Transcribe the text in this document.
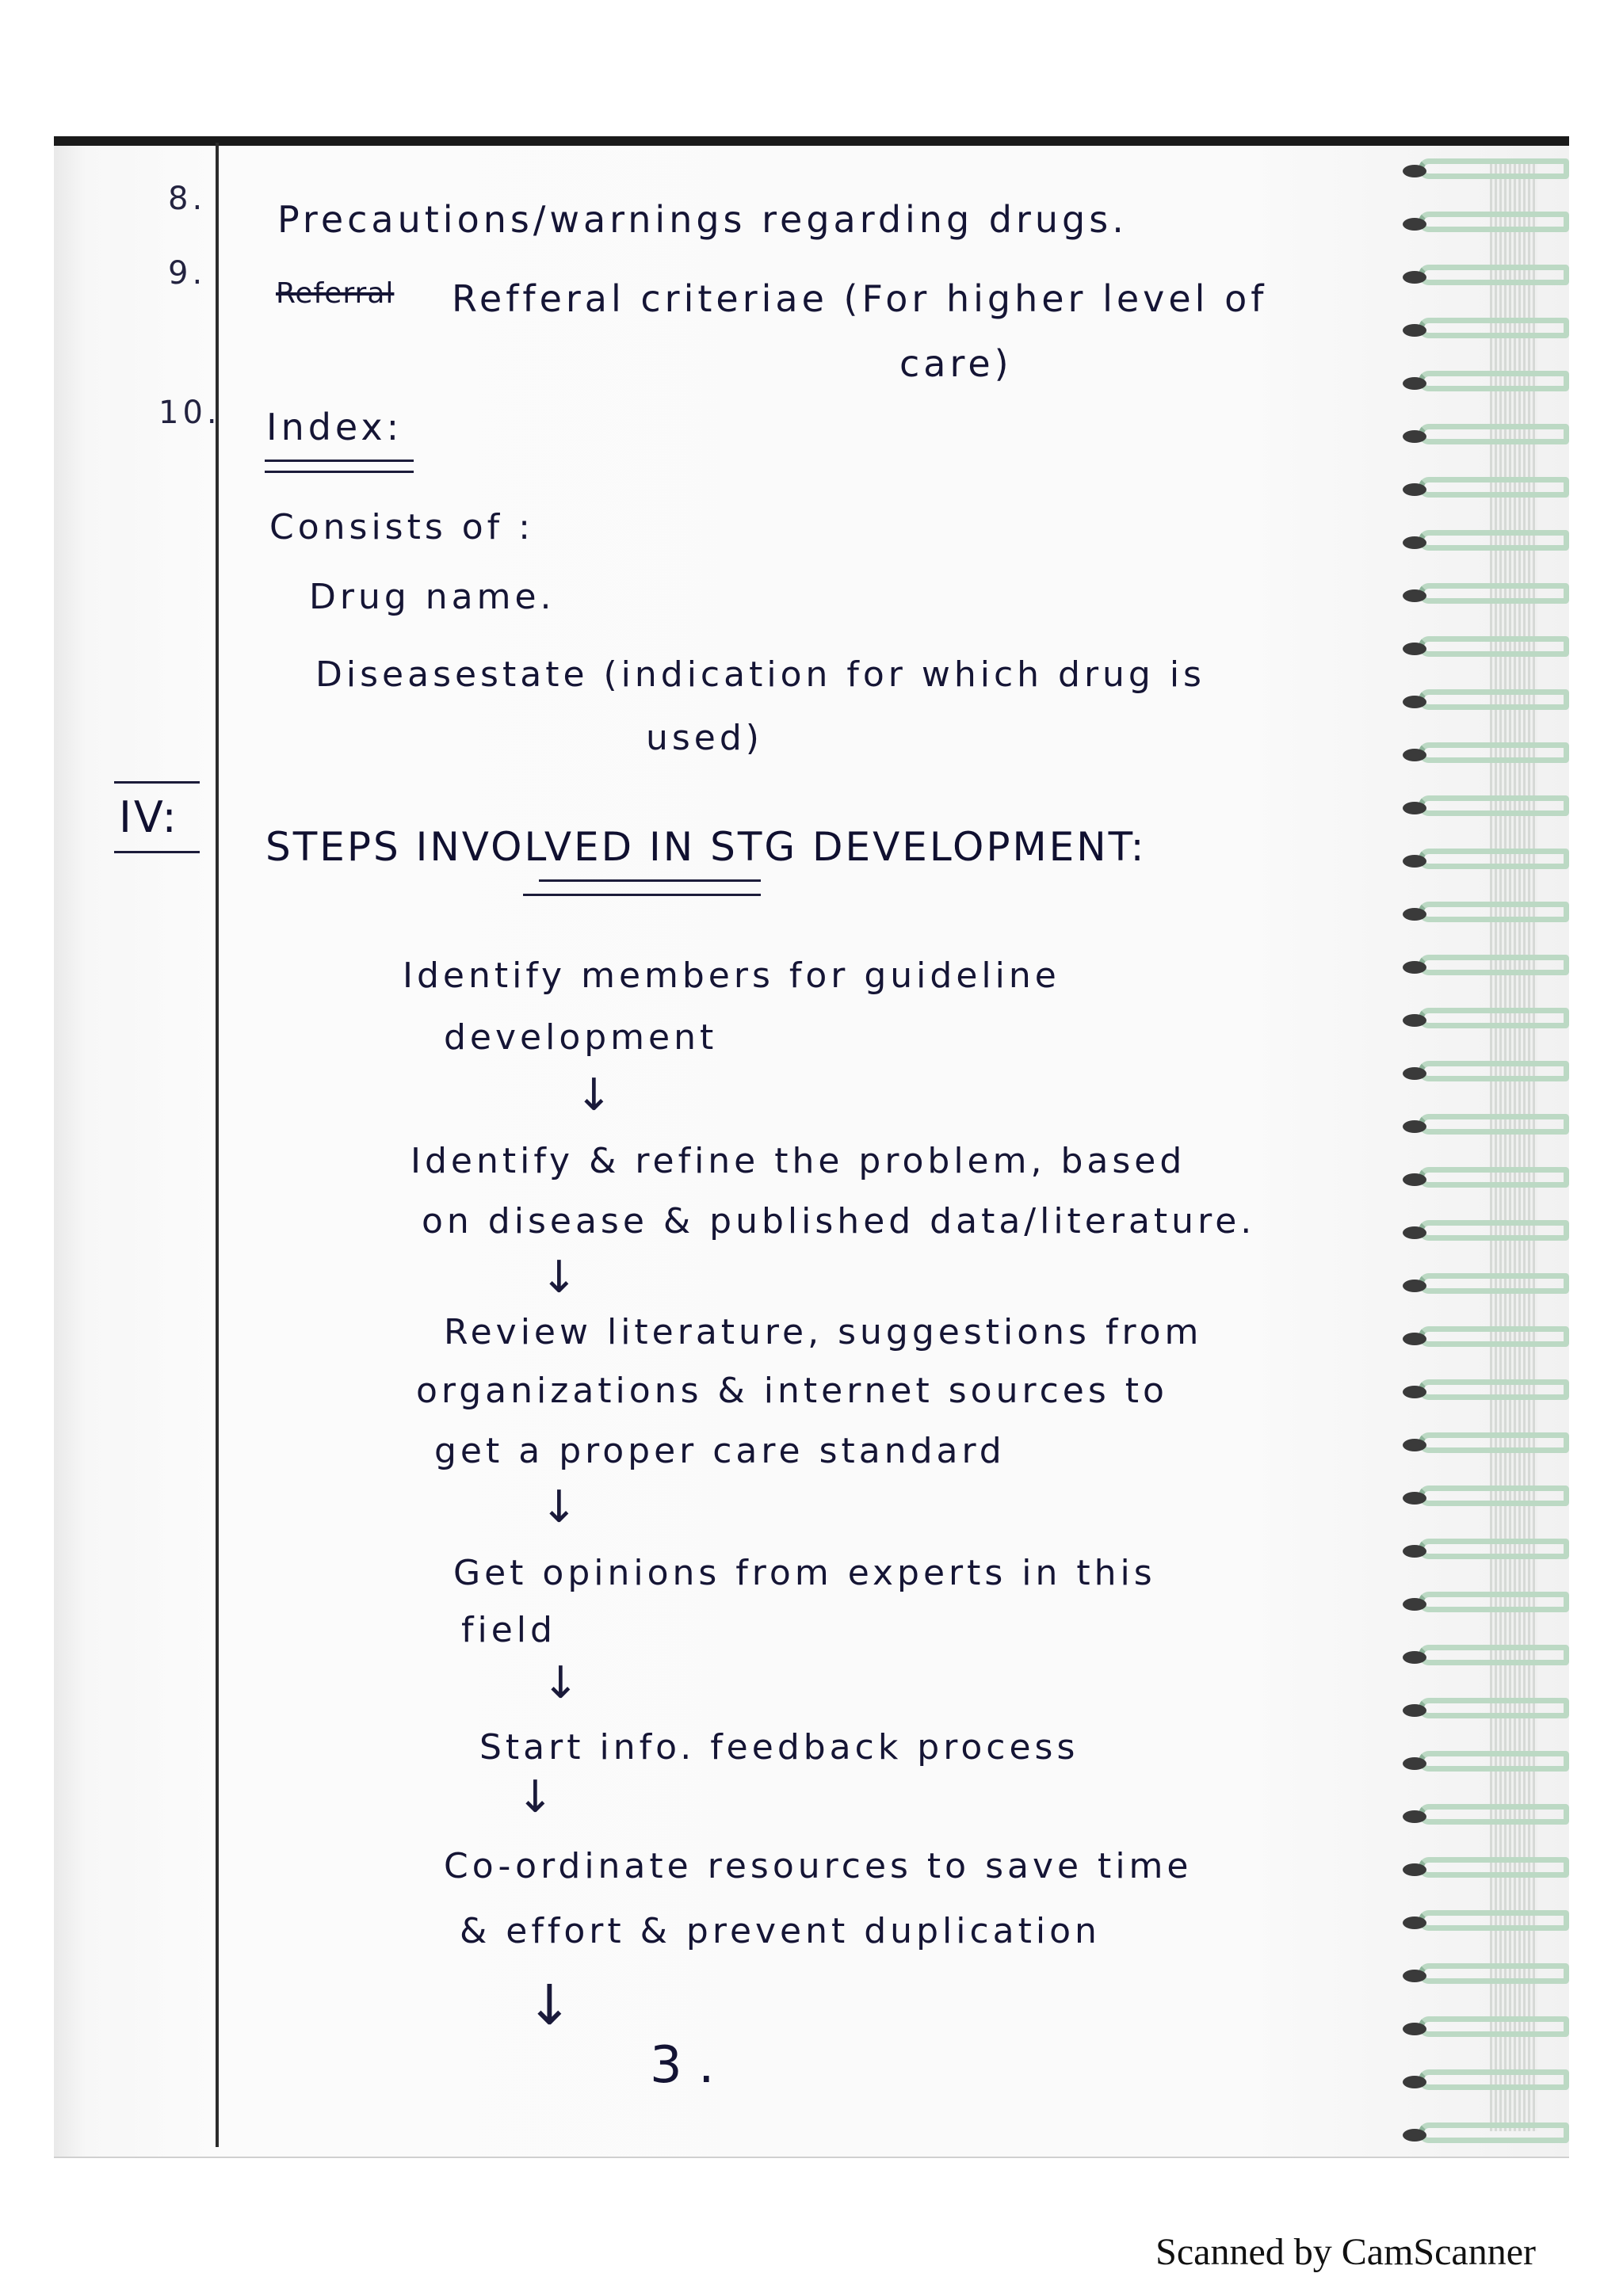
8. Precautions/warnings regarding drugs.
9.
Referral Refferal criteriae (For higher level of
care)
10. Index:
Consists of :
Drug name.
Diseasestate (indication for which drug is
used)
IV:
STEPS INVOLVED IN STG DEVELOPMENT:
Identify members for guideline
development
↓
Identify & refine the problem, based
on disease & published data/literature.
↓
Review literature, suggestions from
organizations & internet sources to
get a proper care standard
↓
Get opinions from experts in this
field
↓
Start info. feedback process
↓
Co-ordinate resources to save time
& effort & prevent duplication
↓
3 .
Scanned by CamScanner
